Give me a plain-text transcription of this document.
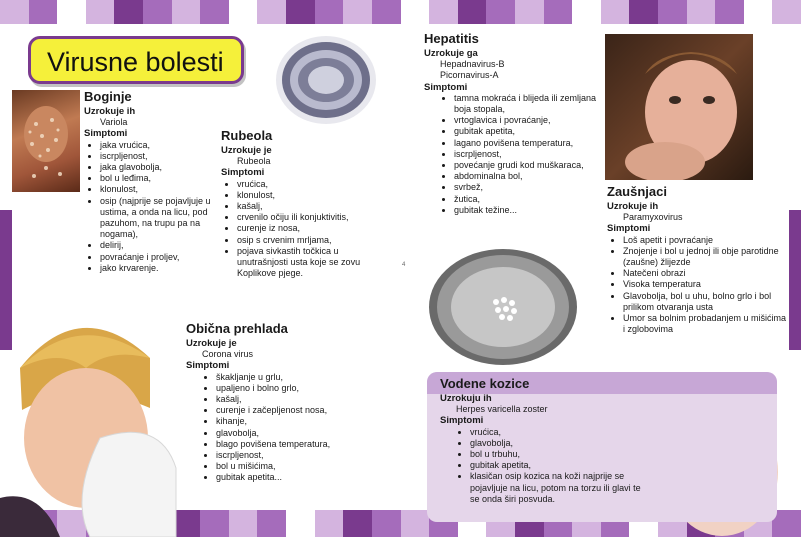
Virusne bolesti
Boginje
Uzrokuje ih
Variola
Simptomi
• jaka vrućica,
• iscrpljenost,
• jaka glavobolja,
• bol u leđima,
• klonulost,
• osip (najprije se pojavljuje u ustima, a onda na licu, pod pazuhom, na trupu pa na nogama),
• delirij,
• povraćanje i proljev,
• jako krvarenje.
Rubeola
Uzrokuje je
Rubeola
Simptomi
• vrućica,
• klonulost,
• kašalj,
• crvenilo očiju ili konjuktivitis,
• curenje iz nosa,
• osip s crvenim mrljama,
• pojava sivkastih točkica u unutrašnjosti usta koje se zovu Koplikove pjege.
Obična prehlada
Uzrokuje je
Corona virus
Simptomi
• škakljanje u grlu,
• upaljeno i bolno grlo,
• kašalj,
• curenje i začepljenost nosa,
• kihanje,
• glavobolja,
• blago povišena temperatura,
• iscrpljenost,
• bol u mišićima,
• gubitak apetita...
Hepatitis
Uzrokuje ga
Hepadnavirus-B
Picornavirus-A
Simptomi
• tamna mokraća i blijeda ili zemljana boja stopala,
• vrtoglavica i povraćanje,
• gubitak apetita,
• lagano povišena temperatura,
• iscrpljenost,
• povećanje grudi kod muškaraca,
• abdominalna bol,
• svrbež,
• žutica,
• gubitak težine...
4
Zaušnjaci
Uzrokuje ih
Paramyxovirus
Simptomi
• Loš apetit i povraćanje
• Znojenje i bol u jednoj ili obje parotidne (zaušne) žlijezde
• Natečeni obrazi
• Visoka temperatura
• Glavobolja, bol u uhu, bolno grlo i bol prilikom otvaranja usta
• Umor sa bolnim probadanjem u mišićima i zglobovima
Vodene kozice
Uzrokuju ih
Herpes varicella zoster
Simptomi
• vrućica,
• glavobolja,
• bol u trbuhu,
• gubitak apetita,
• klasičan osip kozica na koži najprije se pojavljuje na licu, potom na torzu ili glavi te se onda širi posvuda.
